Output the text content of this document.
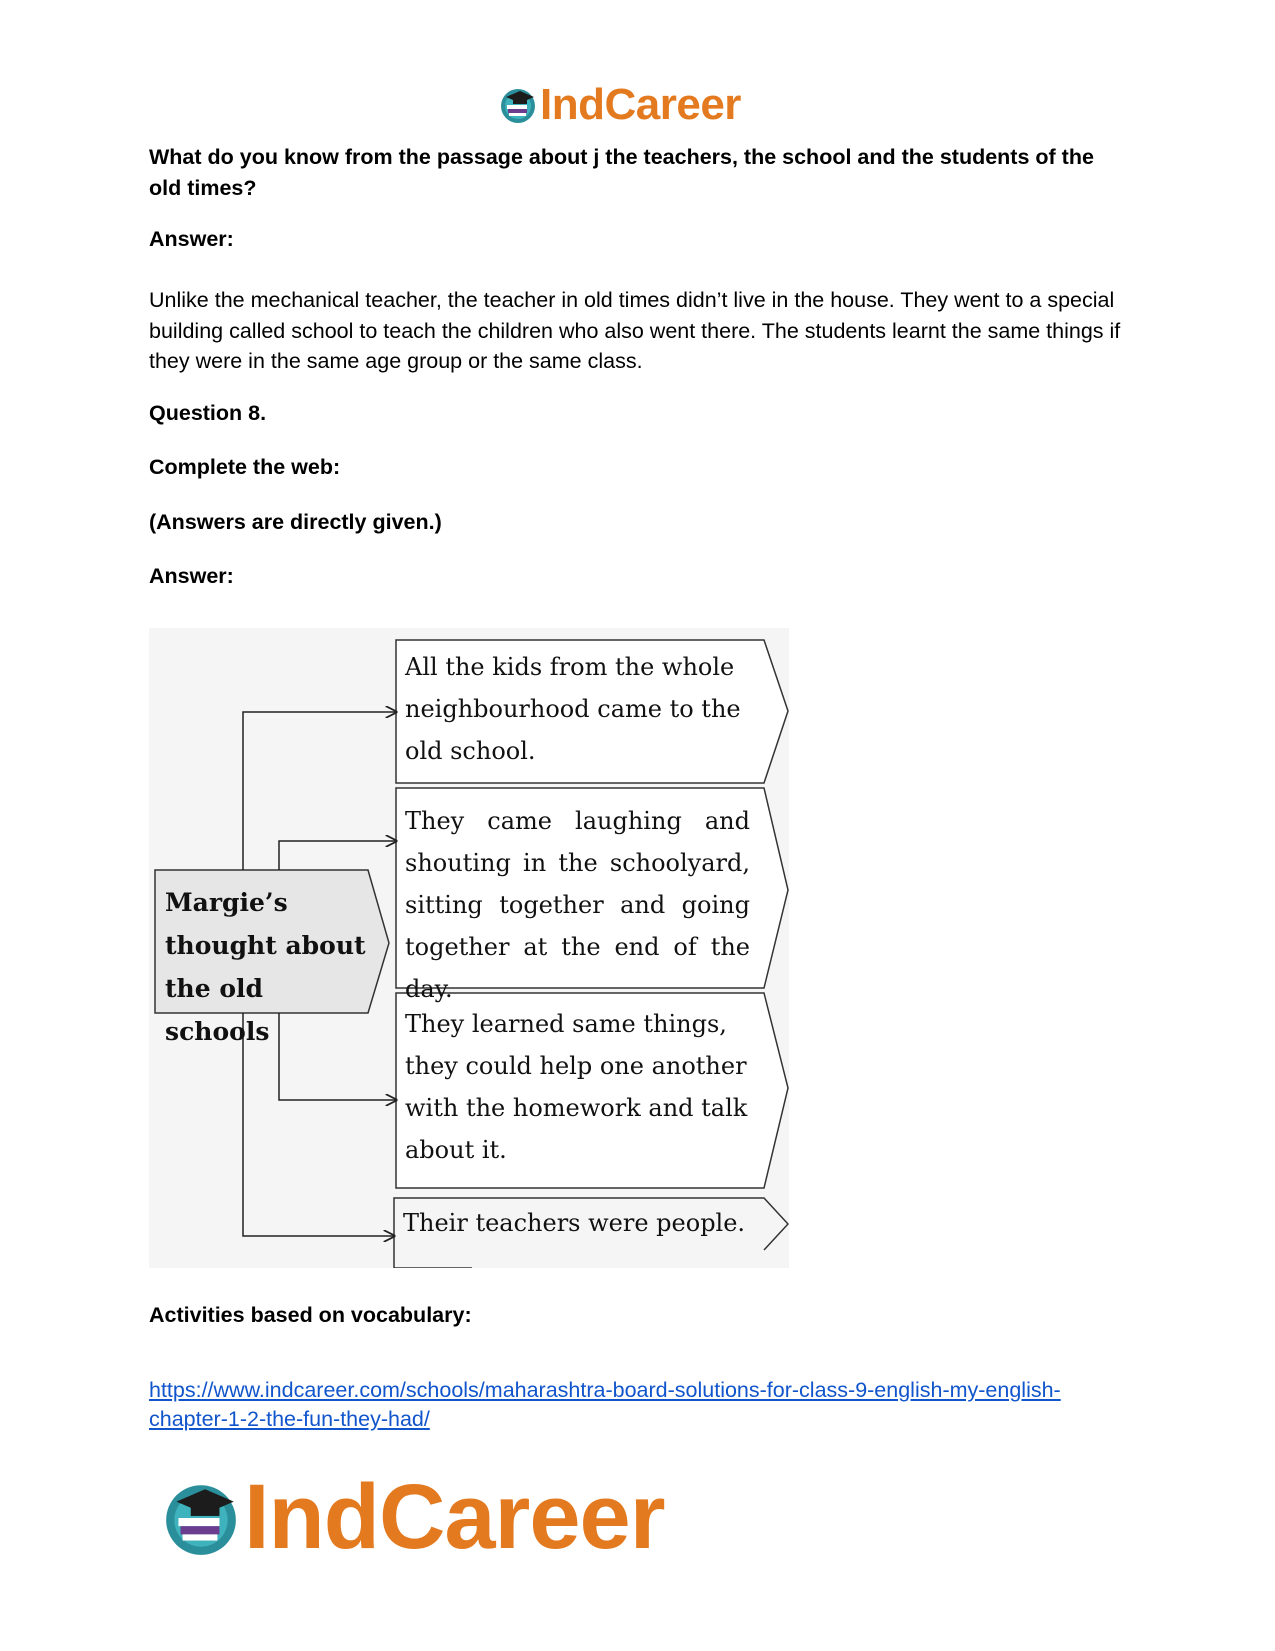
IndCareer

What do you know from the passage about j the teachers, the school and the students of the old times?

Answer:

Unlike the mechanical teacher, the teacher in old times didn’t live in the house. They went to a special building called school to teach the children who also went there. The students learnt the same things if they were in the same age group or the same class.

Question 8.

Complete the web:

(Answers are directly given.)

Answer:

Margie’s thought about the old schools
All the kids from the whole neighbourhood came to the old school.
They came laughing and shouting in the schoolyard, sitting together and going together at the end of the day.
They learned same things, they could help one another with the homework and talk about it.
Their teachers were people.

Activities based on vocabulary:

https://www.indcareer.com/schools/maharashtra-board-solutions-for-class-9-english-my-english-
chapter-1-2-the-fun-they-had/

IndCareer
